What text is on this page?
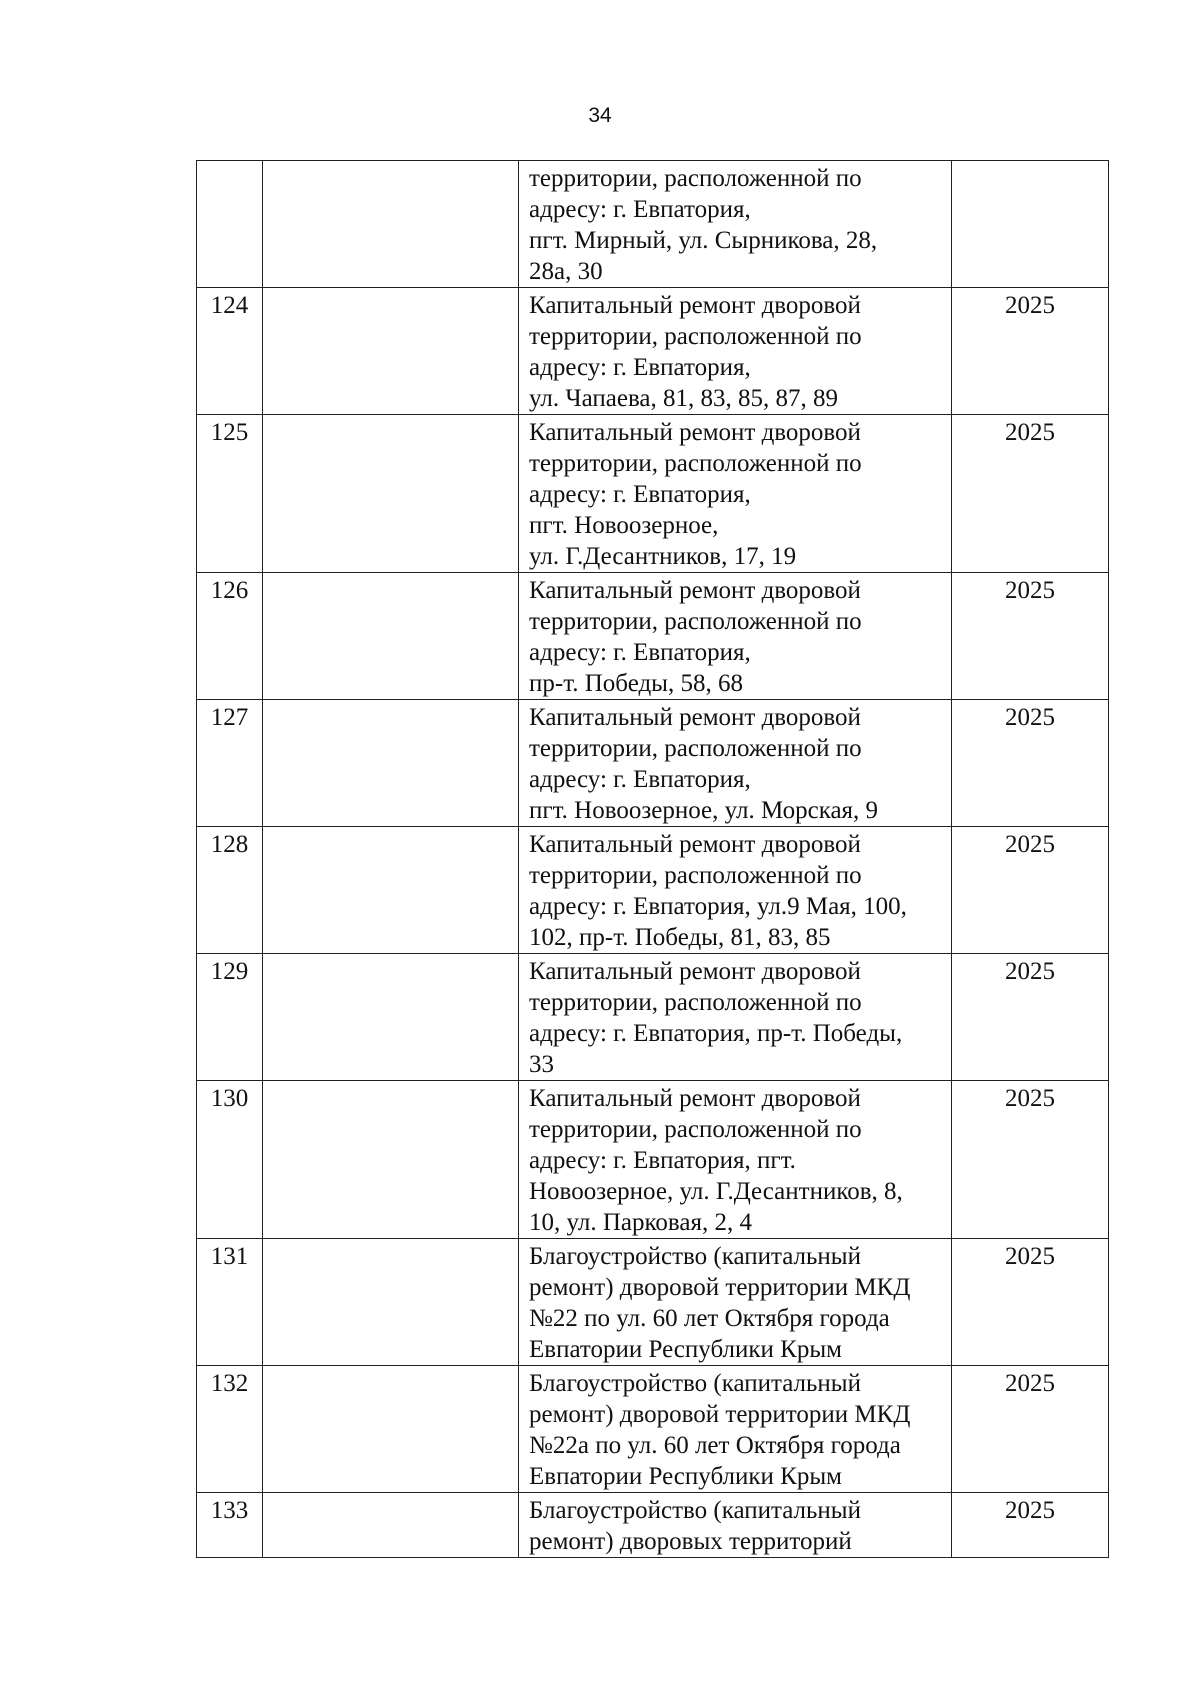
34

		территории, расположенной по
адресу: г. Евпатория,
пгт. Мирный, ул. Сырникова, 28,
28а, 30	

124		Капитальный ремонт дворовой
территории, расположенной по
адресу: г. Евпатория,
ул. Чапаева, 81, 83, 85, 87, 89	2025
125		Капитальный ремонт дворовой
территории, расположенной по
адресу: г. Евпатория,
пгт. Новоозерное,
ул. Г.Десантников, 17, 19	2025
126		Капитальный ремонт дворовой
территории, расположенной по
адресу: г. Евпатория,
пр-т. Победы, 58, 68	2025
127		Капитальный ремонт дворовой
территории, расположенной по
адресу: г. Евпатория,
пгт. Новоозерное, ул. Морская, 9	2025
128		Капитальный ремонт дворовой
территории, расположенной по
адресу: г. Евпатория, ул.9 Мая, 100,
102, пр-т. Победы, 81, 83, 85	2025
129		Капитальный ремонт дворовой
территории, расположенной по
адресу: г. Евпатория, пр-т. Победы,
33	2025
130		Капитальный ремонт дворовой
территории, расположенной по
адресу: г. Евпатория, пгт.
Новоозерное, ул. Г.Десантников, 8,
10, ул. Парковая, 2, 4	2025
131		Благоустройство (капитальный
ремонт) дворовой территории МКД
№22 по ул. 60 лет Октября города
Евпатории Республики Крым	2025
132		Благоустройство (капитальный
ремонт) дворовой территории МКД
№22а по ул. 60 лет Октября города
Евпатории Республики Крым	2025
133		Благоустройство (капитальный
ремонт) дворовых территорий	2025
